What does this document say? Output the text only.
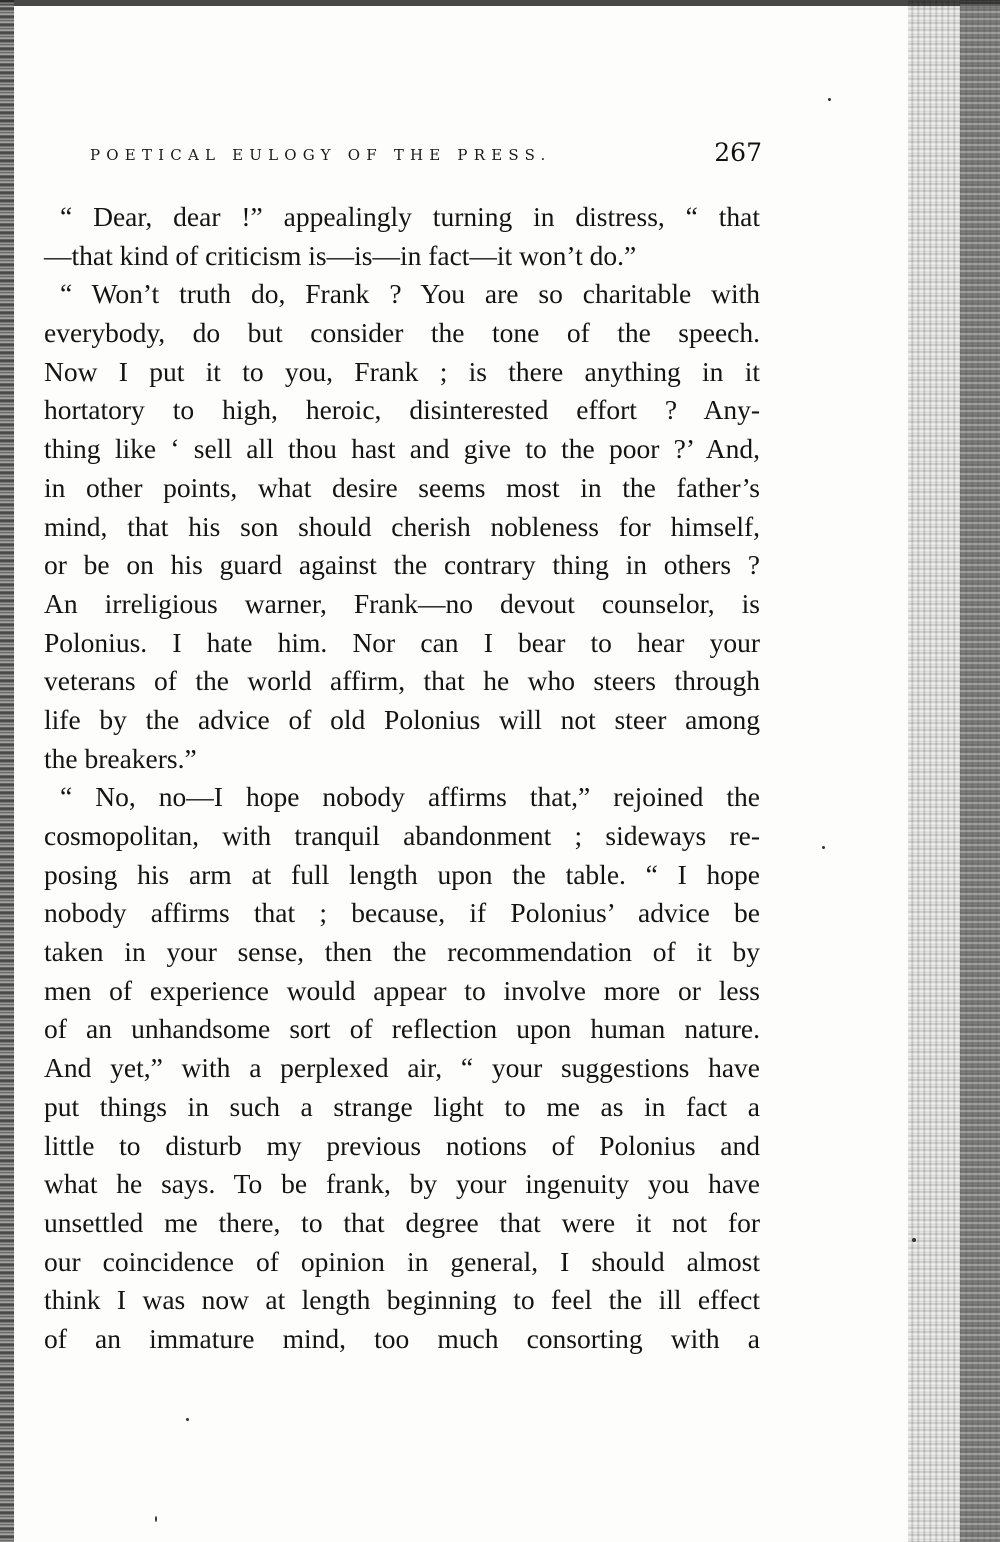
POETICAL EULOGY OF THE PRESS.	267
“ Dear, dear !” appealingly turning in distress, “ that
—that kind of criticism is—is—in fact—it won’t do.”
“ Won’t truth do, Frank ? You are so charitable with
everybody, do but consider the tone of the speech.
Now I put it to you, Frank ; is there anything in it
hortatory to high, heroic, disinterested effort ? Any-
thing like ‘ sell all thou hast and give to the poor ?’ And,
in other points, what desire seems most in the father’s
mind, that his son should cherish nobleness for himself,
or be on his guard against the contrary thing in others ?
An irreligious warner, Frank—no devout counselor, is
Polonius. I hate him. Nor can I bear to hear your
veterans of the world affirm, that he who steers through
life by the advice of old Polonius will not steer among
the breakers.”
“ No, no—I hope nobody affirms that,” rejoined the
cosmopolitan, with tranquil abandonment ; sideways re-
posing his arm at full length upon the table. “ I hope
nobody affirms that ; because, if Polonius’ advice be
taken in your sense, then the recommendation of it by
men of experience would appear to involve more or less
of an unhandsome sort of reflection upon human nature.
And yet,” with a perplexed air, “ your suggestions have
put things in such a strange light to me as in fact a
little to disturb my previous notions of Polonius and
what he says. To be frank, by your ingenuity you have
unsettled me there, to that degree that were it not for
our coincidence of opinion in general, I should almost
think I was now at length beginning to feel the ill effect
of an immature mind, too much consorting with a
